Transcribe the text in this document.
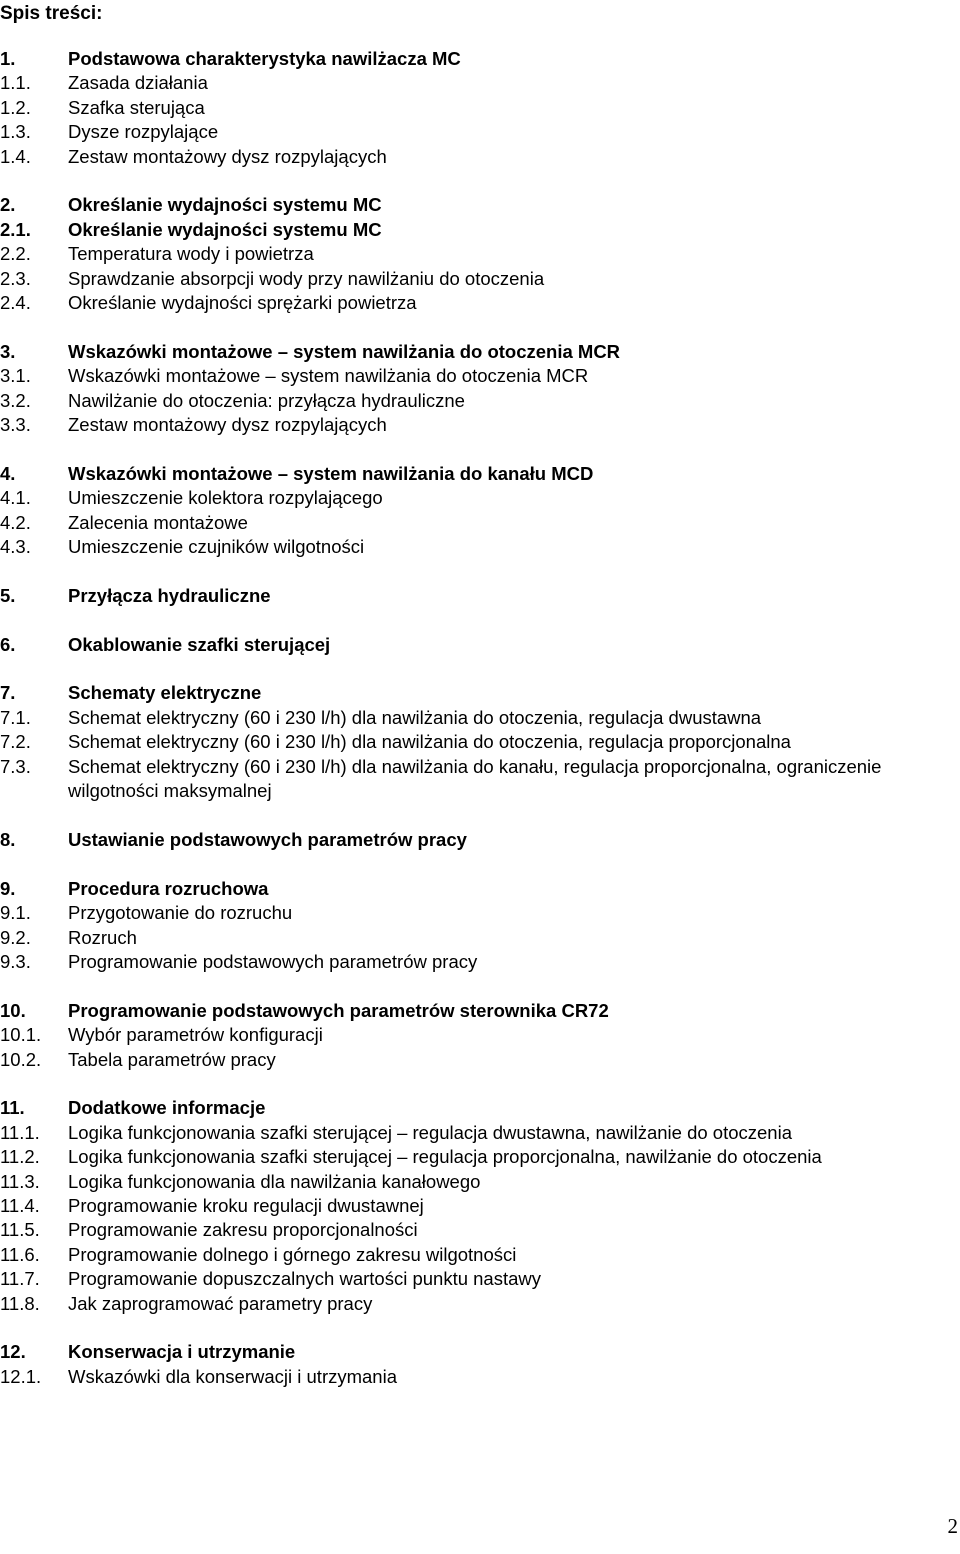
Spis treści:
1.	Podstawowa charakterystyka nawilżacza MC
1.1.	Zasada działania
1.2.	Szafka sterująca
1.3.	Dysze rozpylające
1.4.	Zestaw montażowy dysz rozpylających
2.	Określanie wydajności systemu MC
2.1.	Określanie wydajności systemu MC
2.2.	Temperatura wody i powietrza
2.3.	Sprawdzanie absorpcji wody przy nawilżaniu do otoczenia
2.4.	Określanie wydajności sprężarki powietrza
3.	Wskazówki montażowe – system nawilżania do otoczenia MCR
3.1.	Wskazówki montażowe – system nawilżania do otoczenia MCR
3.2.	Nawilżanie do otoczenia: przyłącza hydrauliczne
3.3.	Zestaw montażowy dysz rozpylających
4.	Wskazówki montażowe – system nawilżania do kanału MCD
4.1.	Umieszczenie kolektora rozpylającego
4.2.	Zalecenia montażowe
4.3.	Umieszczenie czujników wilgotności
5.	Przyłącza hydrauliczne
6.	Okablowanie szafki sterującej
7.	Schematy elektryczne
7.1.	Schemat elektryczny (60 i 230 l/h) dla nawilżania do otoczenia, regulacja dwustawna
7.2.	Schemat elektryczny (60 i 230 l/h) dla nawilżania do otoczenia, regulacja proporcjonalna
7.3.	Schemat elektryczny (60 i 230 l/h) dla nawilżania do kanału, regulacja proporcjonalna, ograniczenie wilgotności maksymalnej
8.	Ustawianie podstawowych parametrów pracy
9.	Procedura rozruchowa
9.1.	Przygotowanie do rozruchu
9.2.	Rozruch
9.3.	Programowanie podstawowych parametrów pracy
10.	Programowanie podstawowych parametrów sterownika CR72
10.1.	Wybór parametrów konfiguracji
10.2.	Tabela parametrów pracy
11.	Dodatkowe informacje
11.1.	Logika funkcjonowania szafki sterującej – regulacja dwustawna, nawilżanie do otoczenia
11.2.	Logika funkcjonowania szafki sterującej – regulacja proporcjonalna, nawilżanie do otoczenia
11.3.	Logika funkcjonowania dla nawilżania kanałowego
11.4.	Programowanie kroku regulacji dwustawnej
11.5.	Programowanie zakresu proporcjonalności
11.6.	Programowanie dolnego i górnego zakresu wilgotności
11.7.	Programowanie dopuszczalnych wartości punktu nastawy
11.8.	Jak zaprogramować parametry pracy
12.	Konserwacja i utrzymanie
12.1.	Wskazówki dla konserwacji i utrzymania
2
